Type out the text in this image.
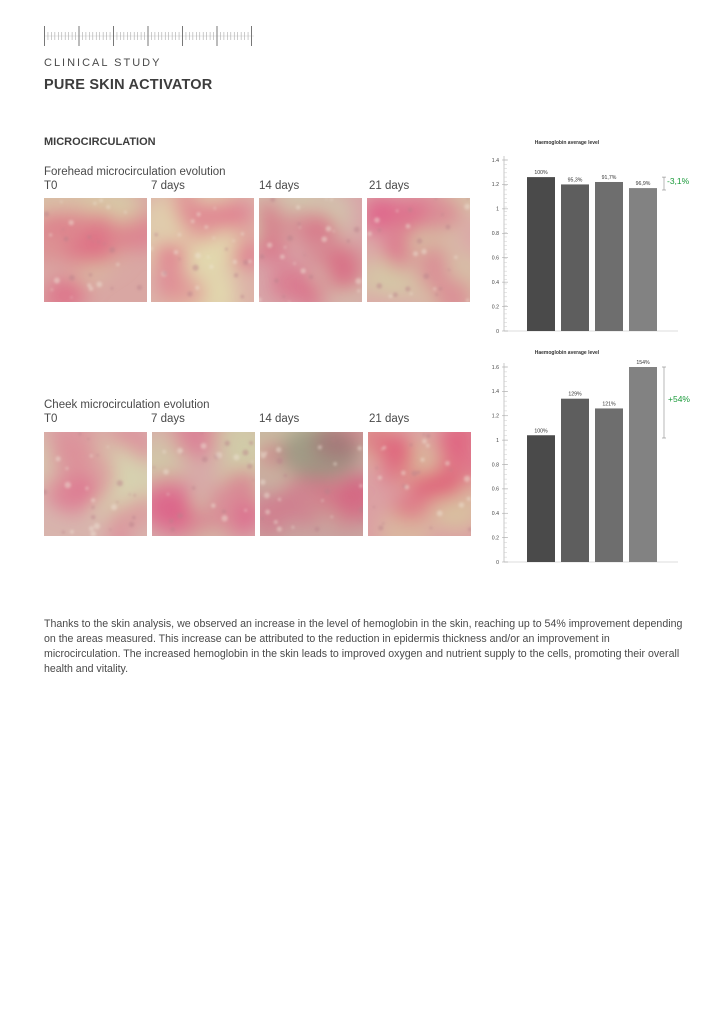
CLINICAL STUDY
PURE SKIN ACTIVATOR
MICROCIRCULATION
Forehead microcirculation evolution
T0	7 days	14 days	21 days
Cheek microcirculation evolution
T0	7 days	14 days	21 days
Haemoglobin average level
0
0.2
0.4
0.6
0.8
1
1.2
1.4
100%
95,3%	91,7%
96,9% -3,1%
Haemoglobin average level
0
0.2
0.4
0.6
0.8
1
1.2
1.4
1.6
100%
129%
121%
154%
+54%
Thanks to the skin analysis, we observed an increase in the level of hemoglobin in the skin, reaching up to 54% improvement depending on the areas measured. This increase can be attributed to the reduction in epidermis thickness and/or an improvement in microcirculation. The increased hemoglobin in the skin leads to improved oxygen and nutrient supply to the cells, promoting their overall health and vitality.
